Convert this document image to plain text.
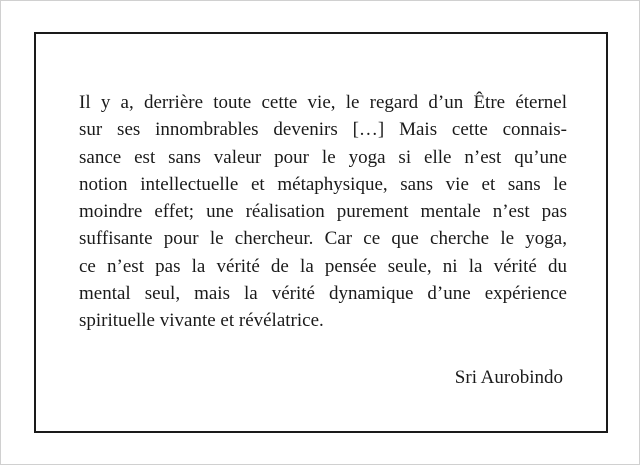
Il y a, derrière toute cette vie, le regard d’un Être éternel
sur ses innombrables devenirs […] Mais cette connais-
sance est sans valeur pour le yoga si elle n’est qu’une
notion intellectuelle et métaphysique, sans vie et sans le
moindre effet; une réalisation purement mentale n’est pas
suffisante pour le chercheur. Car ce que cherche le yoga,
ce n’est pas la vérité de la pensée seule, ni la vérité du
mental seul, mais la vérité dynamique d’une expérience
spirituelle vivante et révélatrice.

Sri Aurobindo
